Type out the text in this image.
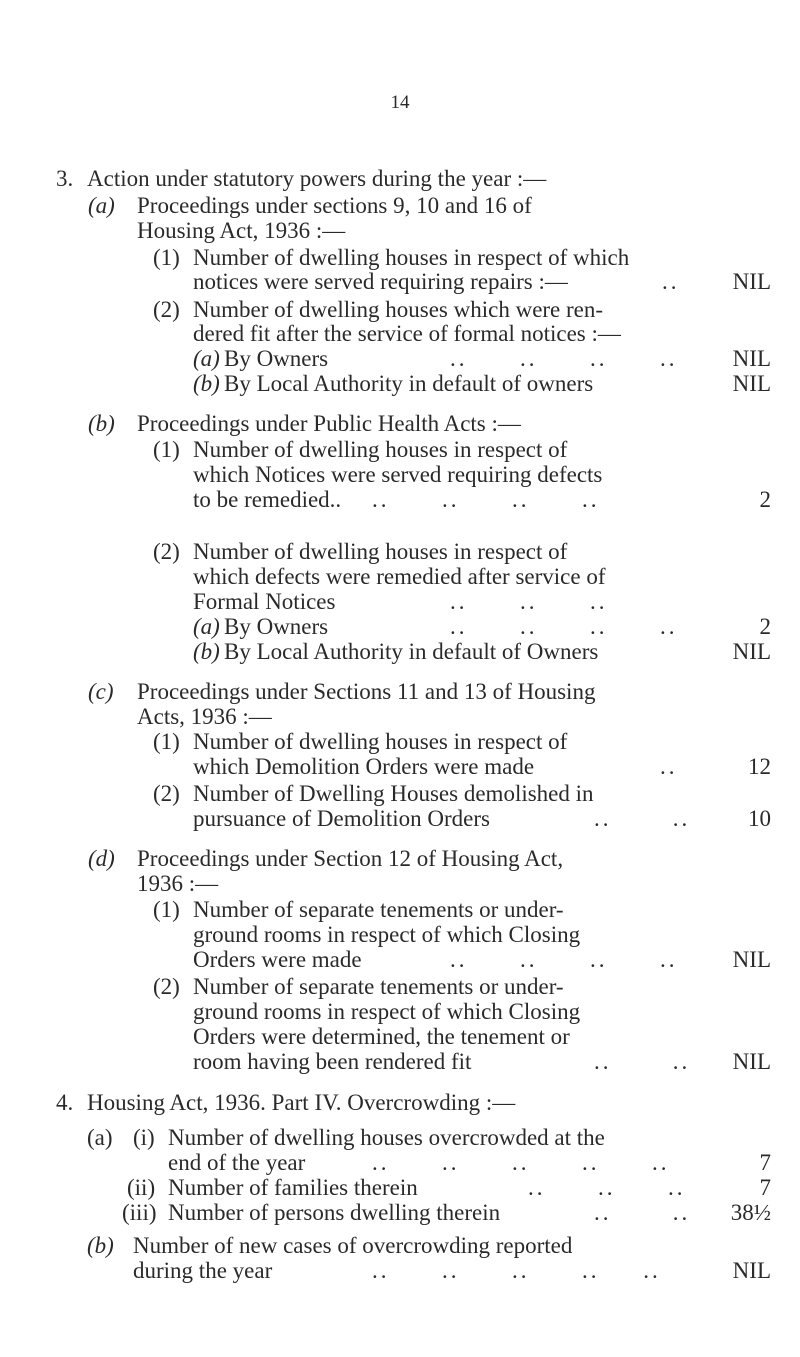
14
3. Action under statutory powers during the year :—
(a) Proceedings under sections 9, 10 and 16 of
Housing Act, 1936 :—
(1) Number of dwelling houses in respect of which
notices were served requiring repairs :—	.. NIL
(2) Number of dwelling houses which were ren-
dered fit after the service of formal notices :—
(a) By Owners	..      ..      ..      .. NIL
(b) By Local Authority in default of owners	NIL
(b) Proceedings under Public Health Acts :—
(1) Number of dwelling houses in respect of
which Notices were served requiring defects
to be remedied.. ..      ..      ..      ..	2
(2) Number of dwelling houses in respect of
which defects were remedied after service of
Formal Notices	..      ..      ..
(a) By Owners	..      ..      ..      ..	2
(b) By Local Authority in default of Owners	NIL
(c) Proceedings under Sections 11 and 13 of Housing
Acts, 1936 :—
(1) Number of dwelling houses in respect of
which Demolition Orders were made	..	12
(2) Number of Dwelling Houses demolished in
pursuance of Demolition Orders	..       ..	10
(d) Proceedings under Section 12 of Housing Act,
1936 :—
(1) Number of separate tenements or under-
ground rooms in respect of which Closing
Orders were made	..      ..      ..      .. NIL
(2) Number of separate tenements or under-
ground rooms in respect of which Closing
Orders were determined, the tenement or
room having been rendered fit	..       .. NIL
4. Housing Act, 1936. Part IV. Overcrowding :—
(a) (i) Number of dwelling houses overcrowded at the
end of the year	..      ..      ..      ..      ..	7
(ii) Number of families therein	..      ..      ..	7
(iii) Number of persons dwelling therein	..       .. 38½
(b) Number of new cases of overcrowding reported
during the year	..      ..      ..      ..     ..	NIL
